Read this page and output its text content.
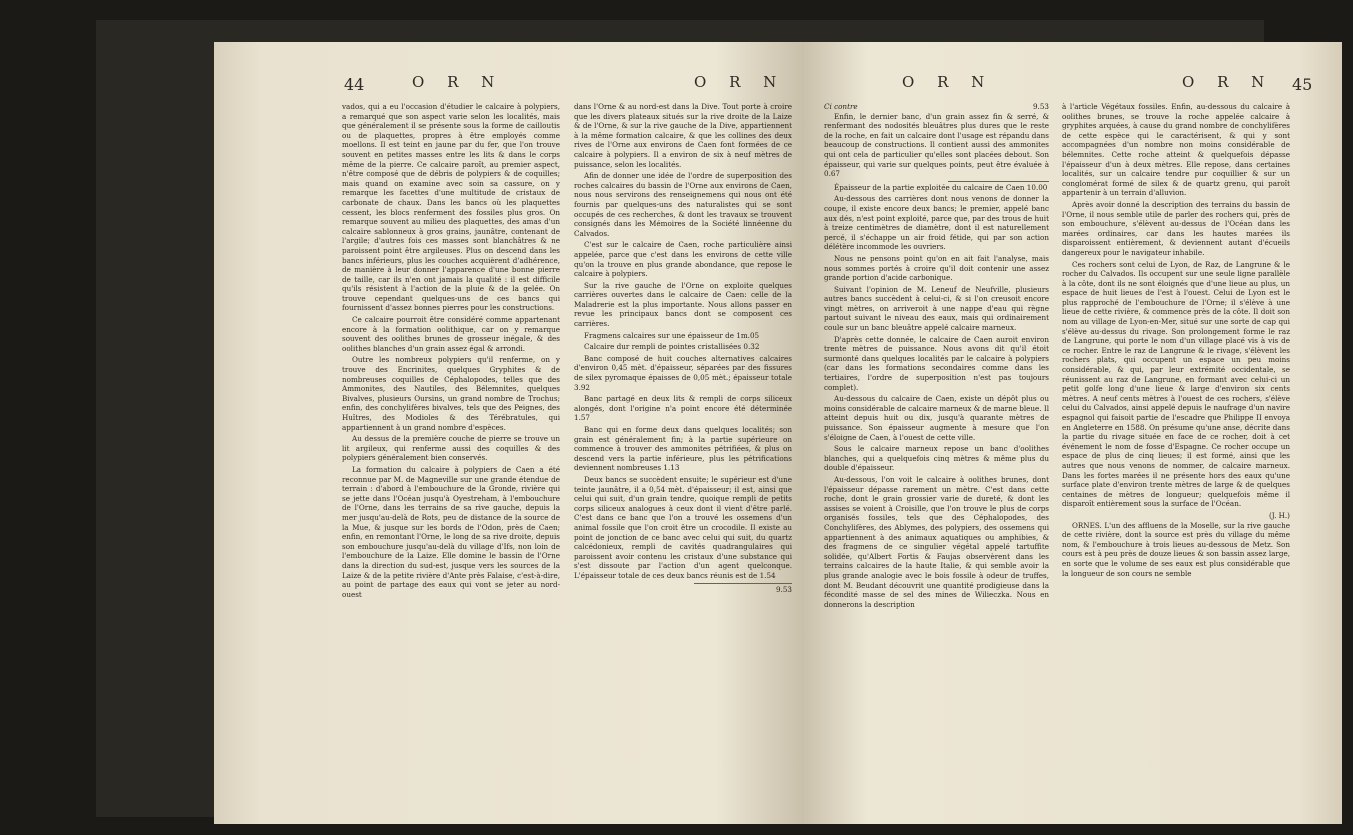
44	O R N	O R N

vados, qui a eu l'occasion d'étudier le calcaire à polypiers, a remarqué que son aspect varie selon les localités, mais que généralement il se présente sous la forme de cailloutis ou de plaquettes, propres à être employés comme moellons. Il est teint en jaune par du fer, que l'on trouve souvent en petites masses entre les lits & dans le corps même de la pierre. Ce calcaire paroît, au premier aspect, n'être composé que de débris de polypiers & de coquilles; mais quand on examine avec soin sa cassure, on y remarque les facettes d'une multitude de cristaux de carbonate de chaux. Dans les bancs où les plaquettes cessent, les blocs renferment des fossiles plus gros. On remarque souvent au milieu des plaquettes, des amas d'un calcaire sablonneux à gros grains, jaunâtre, contenant de l'argile; d'autres fois ces masses sont blanchâtres & ne paroissent point être argileuses. Plus on descend dans les bancs inférieurs, plus les couches acquièrent d'adhérence, de manière à leur donner l'apparence d'une bonne pierre de taille, car ils n'en ont jamais la qualité : il est difficile qu'ils résistent à l'action de la pluie & de la gelée. On trouve cependant quelques-uns de ces bancs qui fournissent d'assez bonnes pierres pour les constructions.

Ce calcaire pourroit être considéré comme appartenant encore à la formation oolithique, car on y remarque souvent des oolithes brunes de grosseur inégale, & des oolithes blanches d'un grain assez égal & arrondi.

Outre les nombreux polypiers qu'il renferme, on y trouve des Encrinites, quelques Gryphites & de nombreuses coquilles de Céphalopodes, telles que des Ammonites, des Nautiles, des Bélemnites, quelques Bivalves, plusieurs Oursins, un grand nombre de Trochus; enfin, des conchylifères bivalves, tels que des Peignes, des Huîtres, des Modioles & des Térébratules, qui appartiennent à un grand nombre d'espèces.

Au dessus de la première couche de pierre se trouve un lit argileux, qui renferme aussi des coquilles & des polypiers généralement bien conservés.

La formation du calcaire à polypiers de Caen a été reconnue par M. de Magneville sur une grande étendue de terrain : d'abord à l'embouchure de la Gronde, rivière qui se jette dans l'Océan jusqu'à Oyestreham, à l'embouchure de l'Orne, dans les terrains de sa rive gauche, depuis la mer jusqu'au-delà de Rots, peu de distance de la source de la Mue, & jusque sur les bords de l'Odon, près de Caen; enfin, en remontant l'Orne, le long de sa rive droite, depuis son embouchure jusqu'au-delà du village d'Ifs, non loin de l'embouchure de la Laize. Elle domine le bassin de l'Orne dans la direction du sud-est, jusque vers les sources de la Laize & de la petite rivière d'Ante près Falaise, c'est-à-dire, au point de partage des eaux qui vont se jeter au nord-ouest

dans l'Orne & au nord-est dans la Dive. Tout porte à croire que les divers plateaux situés sur la rive droite de la Laize & de l'Orne, & sur la rive gauche de la Dive, appartiennent à la même formation calcaire, & que les collines des deux rives de l'Orne aux environs de Caen font formées de ce calcaire à polypiers. Il a environ de six à neuf mètres de puissance, selon les localités.

Afin de donner une idée de l'ordre de superposition des roches calcaires du bassin de l'Orne aux environs de Caen, nous nous servirons des renseignemens qui nous ont été fournis par quelques-uns des naturalistes qui se sont occupés de ces recherches, & dont les travaux se trouvent consignés dans les Mémoires de la Société linnéenne du Calvados.

C'est sur le calcaire de Caen, roche particulière ainsi appelée, parce que c'est dans les environs de cette ville qu'on la trouve en plus grande abondance, que repose le calcaire à polypiers.

Sur la rive gauche de l'Orne on exploite quelques carrières ouvertes dans le calcaire de Caen: celle de la Maladrerie est la plus importante. Nous allons passer en revue les principaux bancs dont se composent ces carrières.

Fragmens calcaires sur une épaisseur de 1m.05

Calcaire dur rempli de pointes cristallisées 0.32

Banc composé de huit couches alternatives calcaires d'environ 0,45 mèt. d'épaisseur, séparées par des fissures de silex pyromaque épaisses de 0,05 mèt.; épaisseur totale 3.92

Banc partagé en deux lits & rempli de corps siliceux alongés, dont l'origine n'a point encore été déterminée 1.57

Banc qui en forme deux dans quelques localités; son grain est généralement fin; à la partie supérieure on commence à trouver des ammonites pétrifiées, & plus on descend vers la partie inférieure, plus les pétrifications deviennent nombreuses 1.13

Deux bancs se succèdent ensuite; le supérieur est d'une teinte jaunâtre, il a 0,54 mèt. d'épaisseur; il est, ainsi que celui qui suit, d'un grain tendre, quoique rempli de petits corps siliceux analogues à ceux dont il vient d'être parlé. C'est dans ce banc que l'on a trouvé les ossemens d'un animal fossile que l'on croit être un crocodile. Il existe au point de jonction de ce banc avec celui qui suit, du quartz calcédonieux, rempli de cavités quadrangulaires qui paroissent avoir contenu les cristaux d'une substance qui s'est dissoute par l'action d'un agent quelconque. L'épaisseur totale de ces deux bancs réunis est de 1.54

9.53
O R N	O R N 45
Ci contre	9.53

Enfin, le dernier banc, d'un grain assez fin & serré, & renfermant des nodosités bleuâtres plus dures que le reste de la roche, en fait un calcaire dont l'usage est répandu dans beaucoup de constructions. Il contient aussi des ammonites qui ont cela de particulier qu'elles sont placées debout. Son épaisseur, qui varie sur quelques points, peut être évaluée à 0.67

Épaisseur de la partie exploitée du calcaire de Caen 10.00

Au-dessous des carrières dont nous venons de donner la coupe, il existe encore deux bancs; le premier, appelé banc aux dés, n'est point exploité, parce que, par des trous de huit à treize centimètres de diamètre, dont il est naturellement percé, il s'échappe un air froid fétide, qui par son action délétère incommode les ouvriers.

Nous ne pensons point qu'on en ait fait l'analyse, mais nous sommes portés à croire qu'il doit contenir une assez grande portion d'acide carbonique.

Suivant l'opinion de M. Leneuf de Neufville, plusieurs autres bancs succèdent à celui-ci, & si l'on creusoit encore vingt mètres, on arriveroit à une nappe d'eau qui règne partout suivant le niveau des eaux, mais qui ordinairement coule sur un banc bleuâtre appelé calcaire marneux.

D'après cette donnée, le calcaire de Caen auroit environ trente mètres de puissance. Nous avons dit qu'il étoit surmonté dans quelques localités par le calcaire à polypiers (car dans les formations secondaires comme dans les tertiaires, l'ordre de superposition n'est pas toujours complet).

Au-dessous du calcaire de Caen, existe un dépôt plus ou moins considérable de calcaire marneux & de marne bleue. Il atteint depuis huit ou dix, jusqu'à quarante mètres de puissance. Son épaisseur augmente à mesure que l'on s'éloigne de Caen, à l'ouest de cette ville.

Sous le calcaire marneux repose un banc d'oolithes blanches, qui a quelquefois cinq mètres & même plus du double d'épaisseur.

Au-dessous, l'on voit le calcaire à oolithes brunes, dont l'épaisseur dépasse rarement un mètre. C'est dans cette roche, dont le grain grossier varie de dureté, & dont les assises se voient à Croisille, que l'on trouve le plus de corps organisés fossiles, tels que des Céphalopodes, des Conchylifères, des Ablymes, des polypiers, des ossemens qui appartiennent à des animaux aquatiques ou amphibies, & des fragmens de ce singulier végétal appelé tartuffite solidée, qu'Albert Fortis & Faujas observèrent dans les terrains calcaires de la haute Italie, & qui semble avoir la plus grande analogie avec le bois fossile à odeur de truffes, dont M. Beudant découvrit une quantité prodigieuse dans la fécondité masse de sel des mines de Wilieczka. Nous en donnerons la description

à l'article Végétaux fossiles. Enfin, au-dessous du calcaire à oolithes brunes, se trouve la roche appelée calcaire à gryphites arquées, à cause du grand nombre de conchylifères de cette espèce qui le caractérisent, & qui y sont accompagnées d'un nombre non moins considérable de bélemnites. Cette roche atteint & quelquefois dépasse l'épaisseur d'un à deux mètres. Elle repose, dans certaines localités, sur un calcaire tendre pur coquillier & sur un conglomérat formé de silex & de quartz grenu, qui paroît appartenir à un terrain d'alluvion.

Après avoir donné la description des terrains du bassin de l'Orne, il nous semble utile de parler des rochers qui, près de son embouchure, s'élèvent au-dessus de l'Océan dans les marées ordinaires, car dans les hautes marées ils disparoissent entièrement, & deviennent autant d'écueils dangereux pour le navigateur inhabile.

Ces rochers sont celui de Lyon, de Raz, de Langrune & le rocher du Calvados. Ils occupent sur une seule ligne parallèle à la côte, dont ils ne sont éloignés que d'une lieue au plus, un espace de huit lieues de l'est à l'ouest. Celui de Lyon est le plus rapproché de l'embouchure de l'Orne; il s'élève à une lieue de cette rivière, & commence près de la côte. Il doit son nom au village de Lyon-en-Mer, situé sur une sorte de cap qui s'élève au-dessus du rivage. Son prolongement forme le raz de Langrune, qui porte le nom d'un village placé vis à vis de ce rocher. Entre le raz de Langrune & le rivage, s'élèvent les rochers plats, qui occupent un espace un peu moins considérable, & qui, par leur extrémité occidentale, se réunissent au raz de Langrune, en formant avec celui-ci un petit golfe long d'une lieue & large d'environ six cents mètres. A neuf cents mètres à l'ouest de ces rochers, s'élève celui du Calvados, ainsi appelé depuis le naufrage d'un navire espagnol qui faisoit partie de l'escadre que Philippe II envoya en Angleterre en 1588. On présume qu'une anse, décrite dans la partie du rivage située en face de ce rocher, doit à cet événement le nom de fosse d'Espagne. Ce rocher occupe un espace de plus de cinq lieues; il est formé, ainsi que les autres que nous venons de nommer, de calcaire marneux. Dans les fortes marées il ne présente hors des eaux qu'une surface plate d'environ trente mètres de large & de quelques centaines de mètres de longueur; quelquefois même il disparoît entièrement sous la surface de l'Océan.

(J. H.)

ORNES. L'un des affluens de la Moselle, sur la rive gauche de cette rivière, dont la source est près du village du même nom, & l'embouchure à trois lieues au-dessous de Metz. Son cours est à peu près de douze lieues & son bassin assez large, en sorte que le volume de ses eaux est plus considérable que la longueur de son cours ne semble
